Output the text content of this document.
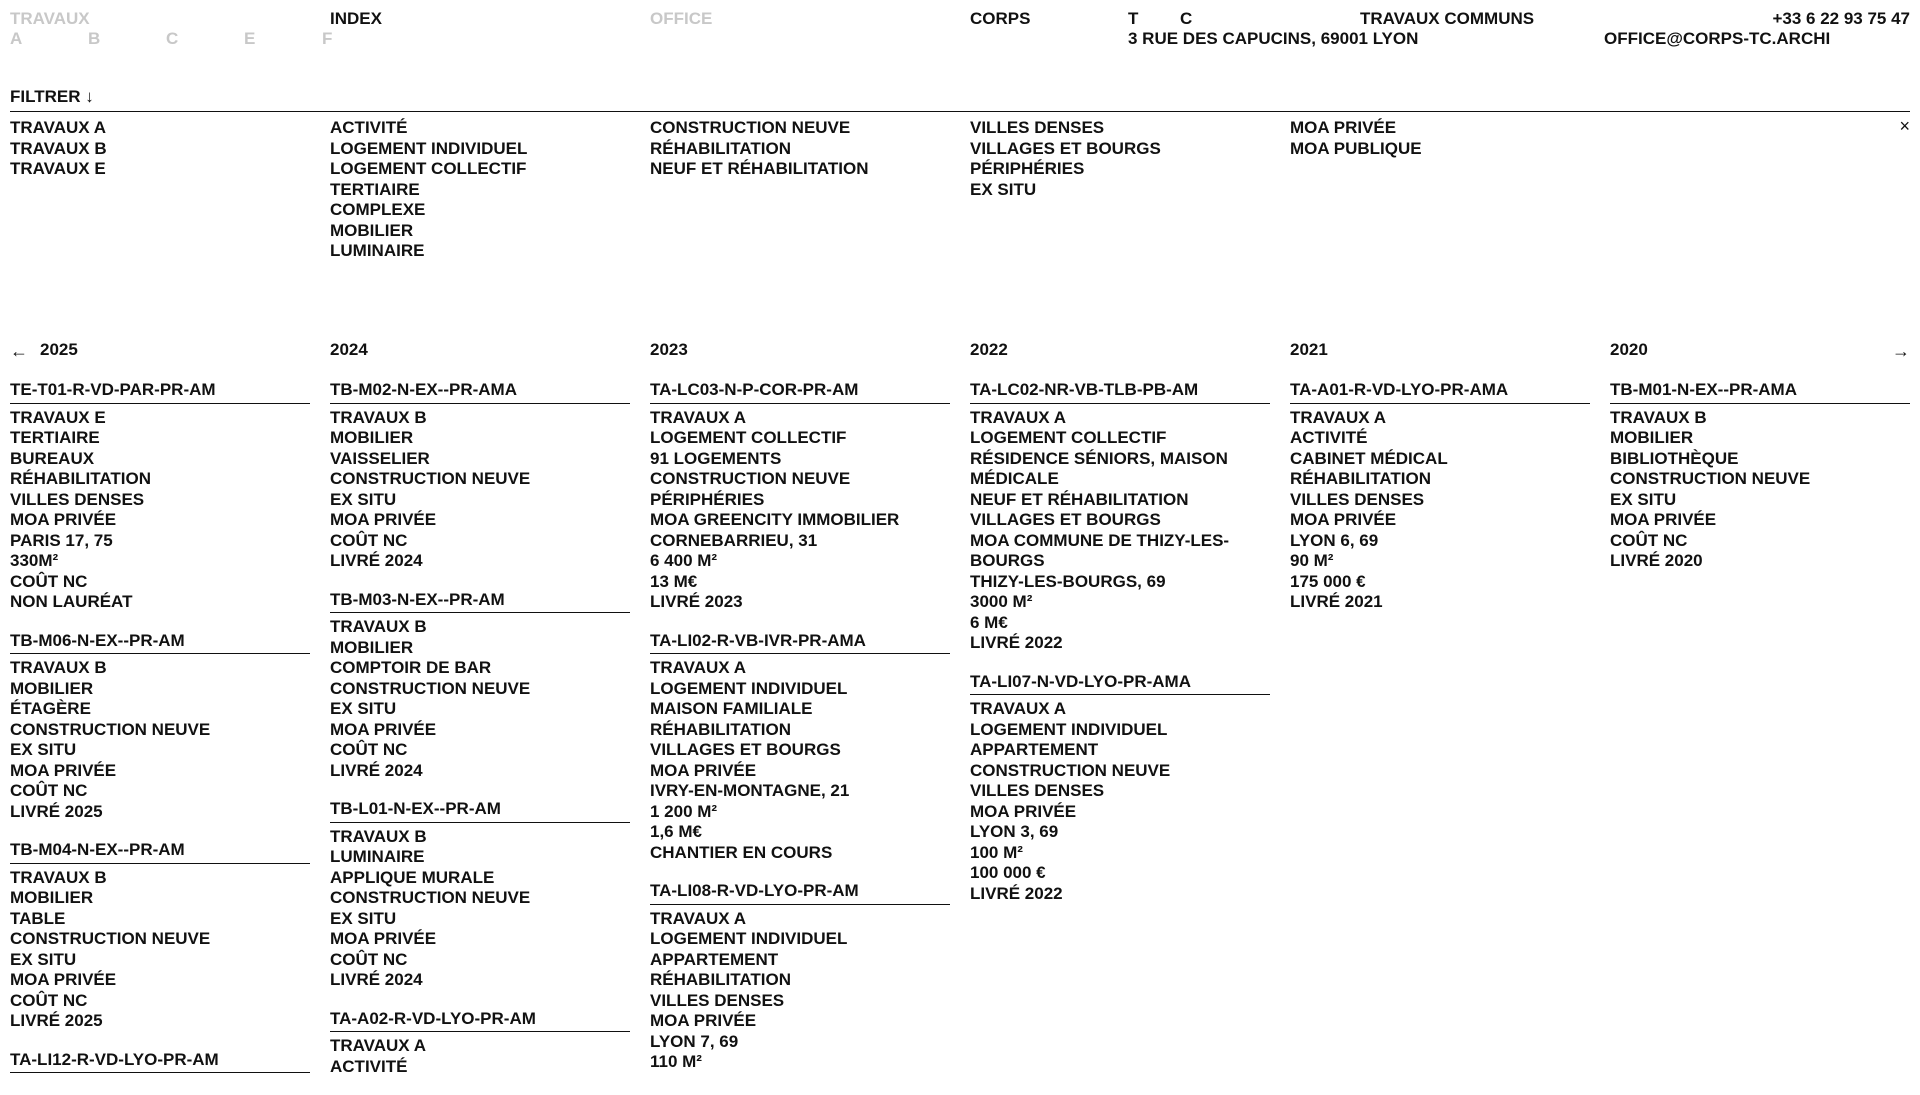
TRAVAUX
A	B	C	E	F
INDEX	OFFICE	CORPS	T C	TRAVAUX COMMUNS
3 RUE DES CAPUCINS, 69001 LYON
+33 6 22 93 75 47
OFFICE@CORPS-TC.ARCHI
FILTRER ↓
×
TRAVAUX A
TRAVAUX B
TRAVAUX E
ACTIVITÉ
LOGEMENT INDIVIDUEL
LOGEMENT COLLECTIF
TERTIAIRE
COMPLEXE
MOBILIER
LUMINAIRE
CONSTRUCTION NEUVE
RÉHABILITATION
NEUF ET RÉHABILITATION
VILLES DENSES
VILLAGES ET BOURGS
PÉRIPHÉRIES
EX SITU
MOA PRIVÉE
MOA PUBLIQUE
←	→
2025
TE-T01-R-VD-PAR-PR-AM
TRAVAUX E
TERTIAIRE
BUREAUX
RÉHABILITATION
VILLES DENSES
MOA PRIVÉE
PARIS 17, 75
330M²
COÛT NC
NON LAURÉAT
TB-M06-N-EX--PR-AM
TRAVAUX B
MOBILIER
ÉTAGÈRE
CONSTRUCTION NEUVE
EX SITU
MOA PRIVÉE
COÛT NC
LIVRÉ 2025
TB-M04-N-EX--PR-AM
TRAVAUX B
MOBILIER
TABLE
CONSTRUCTION NEUVE
EX SITU
MOA PRIVÉE
COÛT NC
LIVRÉ 2025
TA-LI12-R-VD-LYO-PR-AM
2024
TB-M02-N-EX--PR-AMA
TRAVAUX B
MOBILIER
VAISSELIER
CONSTRUCTION NEUVE
EX SITU
MOA PRIVÉE
COÛT NC
LIVRÉ 2024
TB-M03-N-EX--PR-AM
TRAVAUX B
MOBILIER
COMPTOIR DE BAR
CONSTRUCTION NEUVE
EX SITU
MOA PRIVÉE
COÛT NC
LIVRÉ 2024
TB-L01-N-EX--PR-AM
TRAVAUX B
LUMINAIRE
APPLIQUE MURALE
CONSTRUCTION NEUVE
EX SITU
MOA PRIVÉE
COÛT NC
LIVRÉ 2024
TA-A02-R-VD-LYO-PR-AM
TRAVAUX A
ACTIVITÉ
2023
TA-LC03-N-P-COR-PR-AM
TRAVAUX A
LOGEMENT COLLECTIF
91 LOGEMENTS
CONSTRUCTION NEUVE
PÉRIPHÉRIES
MOA GREENCITY IMMOBILIER
CORNEBARRIEU, 31
6 400 M²
13 M€
LIVRÉ 2023
TA-LI02-R-VB-IVR-PR-AMA
TRAVAUX A
LOGEMENT INDIVIDUEL
MAISON FAMILIALE
RÉHABILITATION
VILLAGES ET BOURGS
MOA PRIVÉE
IVRY-EN-MONTAGNE, 21
1 200 M²
1,6 M€
CHANTIER EN COURS
TA-LI08-R-VD-LYO-PR-AM
TRAVAUX A
LOGEMENT INDIVIDUEL
APPARTEMENT
RÉHABILITATION
VILLES DENSES
MOA PRIVÉE
LYON 7, 69
110 M²
2022
TA-LC02-NR-VB-TLB-PB-AM
TRAVAUX A
LOGEMENT COLLECTIF
RÉSIDENCE SÉNIORS, MAISON
MÉDICALE
NEUF ET RÉHABILITATION
VILLAGES ET BOURGS
MOA COMMUNE DE THIZY-LES-
BOURGS
THIZY-LES-BOURGS, 69
3000 M²
6 M€
LIVRÉ 2022
TA-LI07-N-VD-LYO-PR-AMA
TRAVAUX A
LOGEMENT INDIVIDUEL
APPARTEMENT
CONSTRUCTION NEUVE
VILLES DENSES
MOA PRIVÉE
LYON 3, 69
100 M²
100 000 €
LIVRÉ 2022
2021
TA-A01-R-VD-LYO-PR-AMA
TRAVAUX A
ACTIVITÉ
CABINET MÉDICAL
RÉHABILITATION
VILLES DENSES
MOA PRIVÉE
LYON 6, 69
90 M²
175 000 €
LIVRÉ 2021
2020
TB-M01-N-EX--PR-AMA
TRAVAUX B
MOBILIER
BIBLIOTHÈQUE
CONSTRUCTION NEUVE
EX SITU
MOA PRIVÉE
COÛT NC
LIVRÉ 2020
